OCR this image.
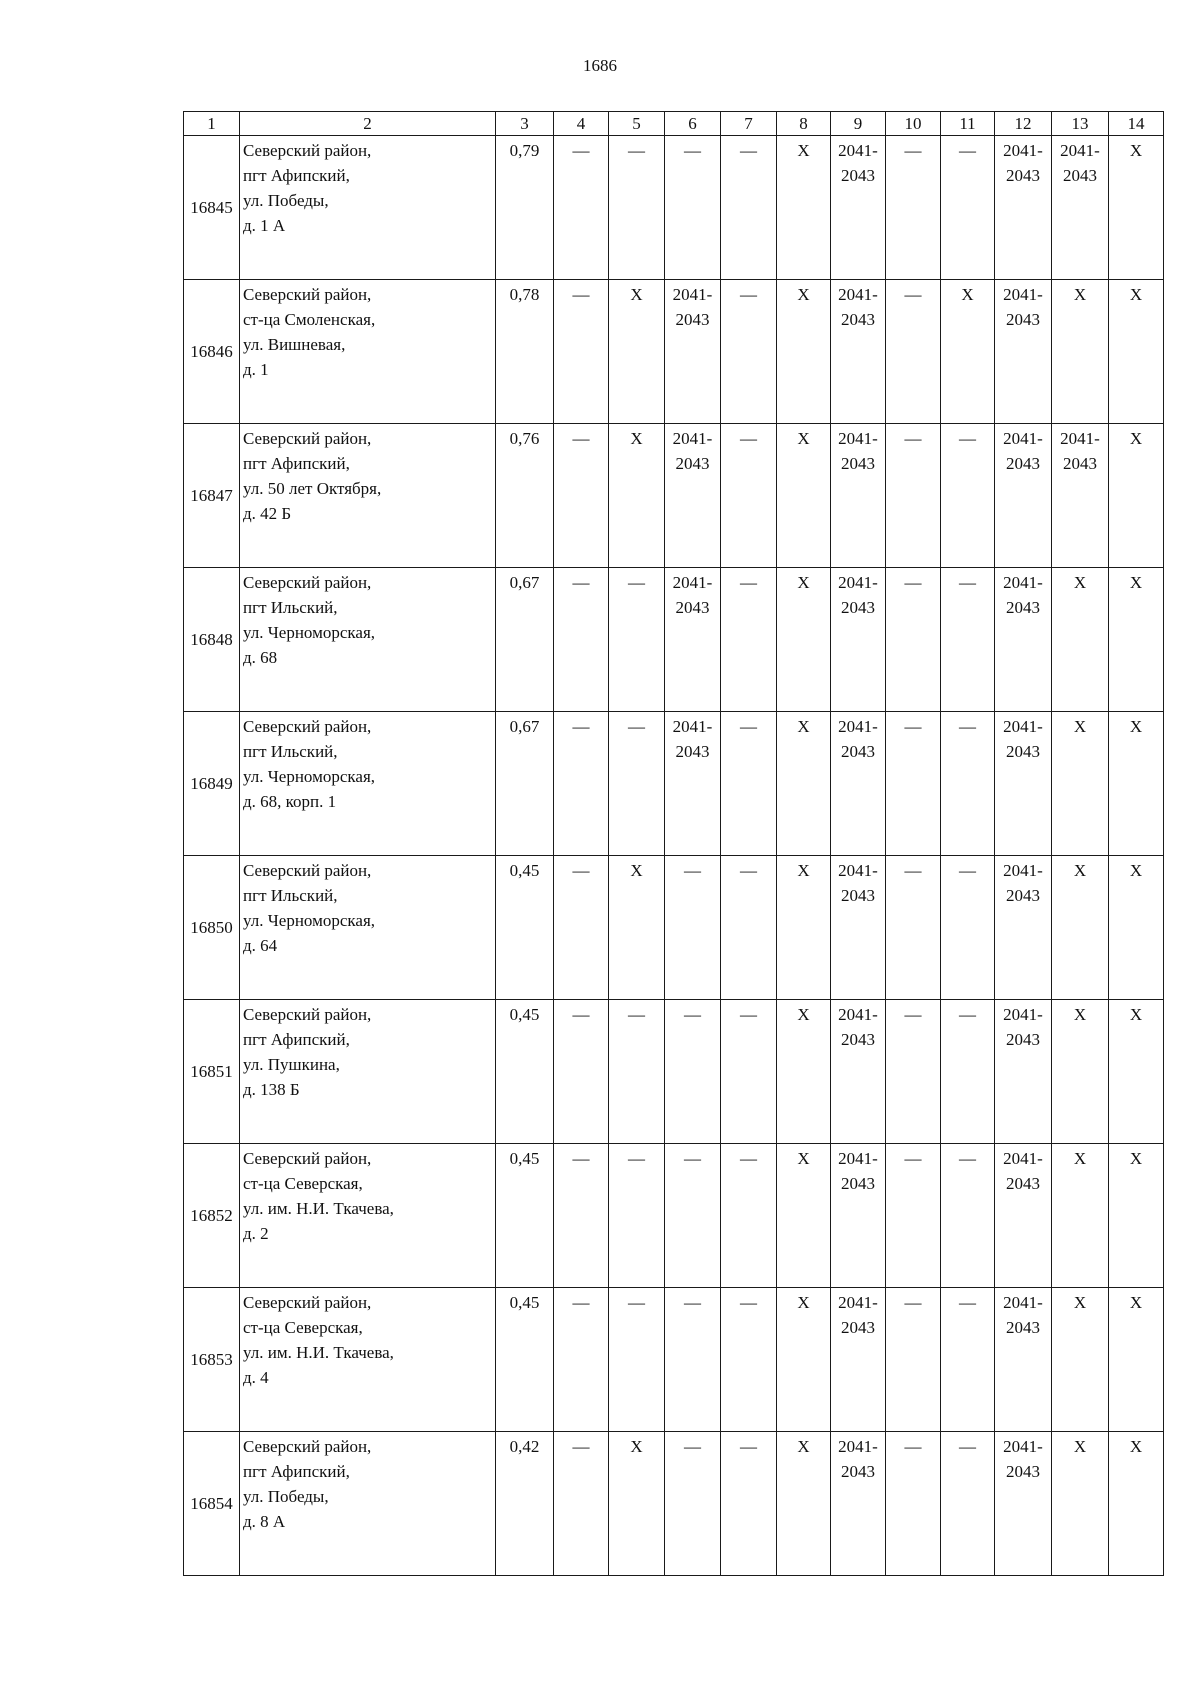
1686
1	2	3	4	5	6	7	8	9	10	11	12	13	14
16845	Северский район,
пгт Афипский,
ул. Победы,
д. 1 А	0,79	—	—	—	—	Х	2041-
2043	—	—	2041-
2043	2041-
2043	Х
16846	Северский район,
ст-ца Смоленская,
ул. Вишневая,
д. 1	0,78	—	Х	2041-
2043	—	Х	2041-
2043	—	Х	2041-
2043	Х	Х
16847	Северский район,
пгт Афипский,
ул. 50 лет Октября,
д. 42 Б	0,76	—	Х	2041-
2043	—	Х	2041-
2043	—	—	2041-
2043	2041-
2043	Х
16848	Северский район,
пгт Ильский,
ул. Черноморская,
д. 68	0,67	—	—	2041-
2043	—	Х	2041-
2043	—	—	2041-
2043	Х	Х
16849	Северский район,
пгт Ильский,
ул. Черноморская,
д. 68, корп. 1	0,67	—	—	2041-
2043	—	Х	2041-
2043	—	—	2041-
2043	Х	Х
16850	Северский район,
пгт Ильский,
ул. Черноморская,
д. 64	0,45	—	Х	—	—	Х	2041-
2043	—	—	2041-
2043	Х	Х
16851	Северский район,
пгт Афипский,
ул. Пушкина,
д. 138 Б	0,45	—	—	—	—	Х	2041-
2043	—	—	2041-
2043	Х	Х
16852	Северский район,
ст-ца Северская,
ул. им. Н.И. Ткачева,
д. 2	0,45	—	—	—	—	Х	2041-
2043	—	—	2041-
2043	Х	Х
16853	Северский район,
ст-ца Северская,
ул. им. Н.И. Ткачева,
д. 4	0,45	—	—	—	—	Х	2041-
2043	—	—	2041-
2043	Х	Х
16854	Северский район,
пгт Афипский,
ул. Победы,
д. 8 А	0,42	—	Х	—	—	Х	2041-
2043	—	—	2041-
2043	Х	Х
